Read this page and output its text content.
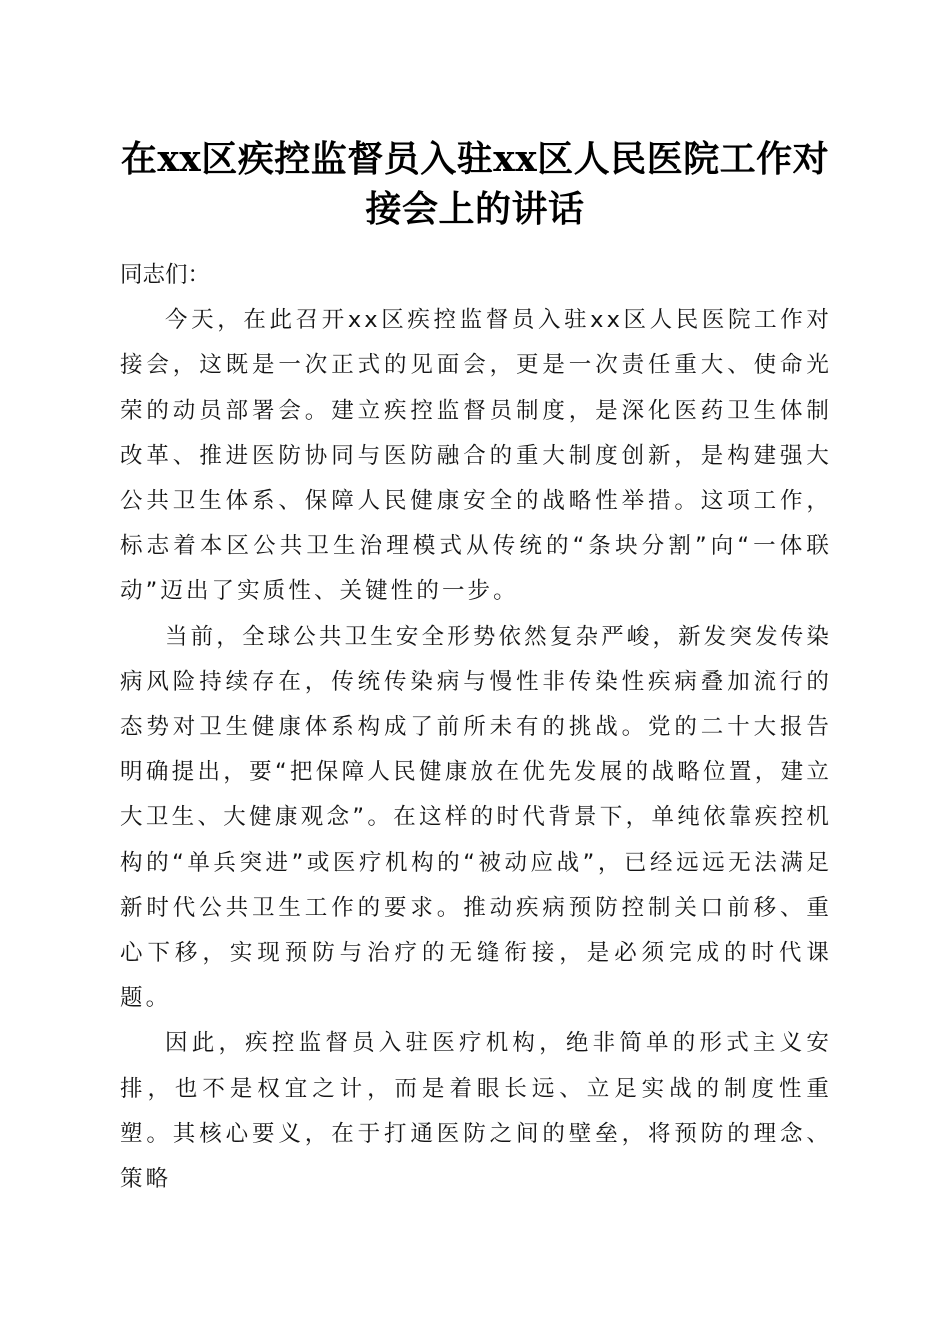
在xx区疾控监督员入驻xx区人民医院工作对
接会上的讲话

同志们：

今天，在此召开xx区疾控监督员入驻xx区人民医院工作对接会，这既是一次正式的见面会，更是一次责任重大、使命光荣的动员部署会。建立疾控监督员制度，是深化医药卫生体制改革、推进医防协同与医防融合的重大制度创新，是构建强大公共卫生体系、保障人民健康安全的战略性举措。这项工作，标志着本区公共卫生治理模式从传统的“条块分割”向“一体联动”迈出了实质性、关键性的一步。

当前，全球公共卫生安全形势依然复杂严峻，新发突发传染病风险持续存在，传统传染病与慢性非传染性疾病叠加流行的态势对卫生健康体系构成了前所未有的挑战。党的二十大报告明确提出，要“把保障人民健康放在优先发展的战略位置，建立大卫生、大健康观念”。在这样的时代背景下，单纯依靠疾控机构的“单兵突进”或医疗机构的“被动应战”，已经远远无法满足新时代公共卫生工作的要求。推动疾病预防控制关口前移、重心下移，实现预防与治疗的无缝衔接，是必须完成的时代课题。

因此，疾控监督员入驻医疗机构，绝非简单的形式主义安排，也不是权宜之计，而是着眼长远、立足实战的制度性重塑。其核心要义，在于打通医防之间的壁垒，将预防的理念、策略
